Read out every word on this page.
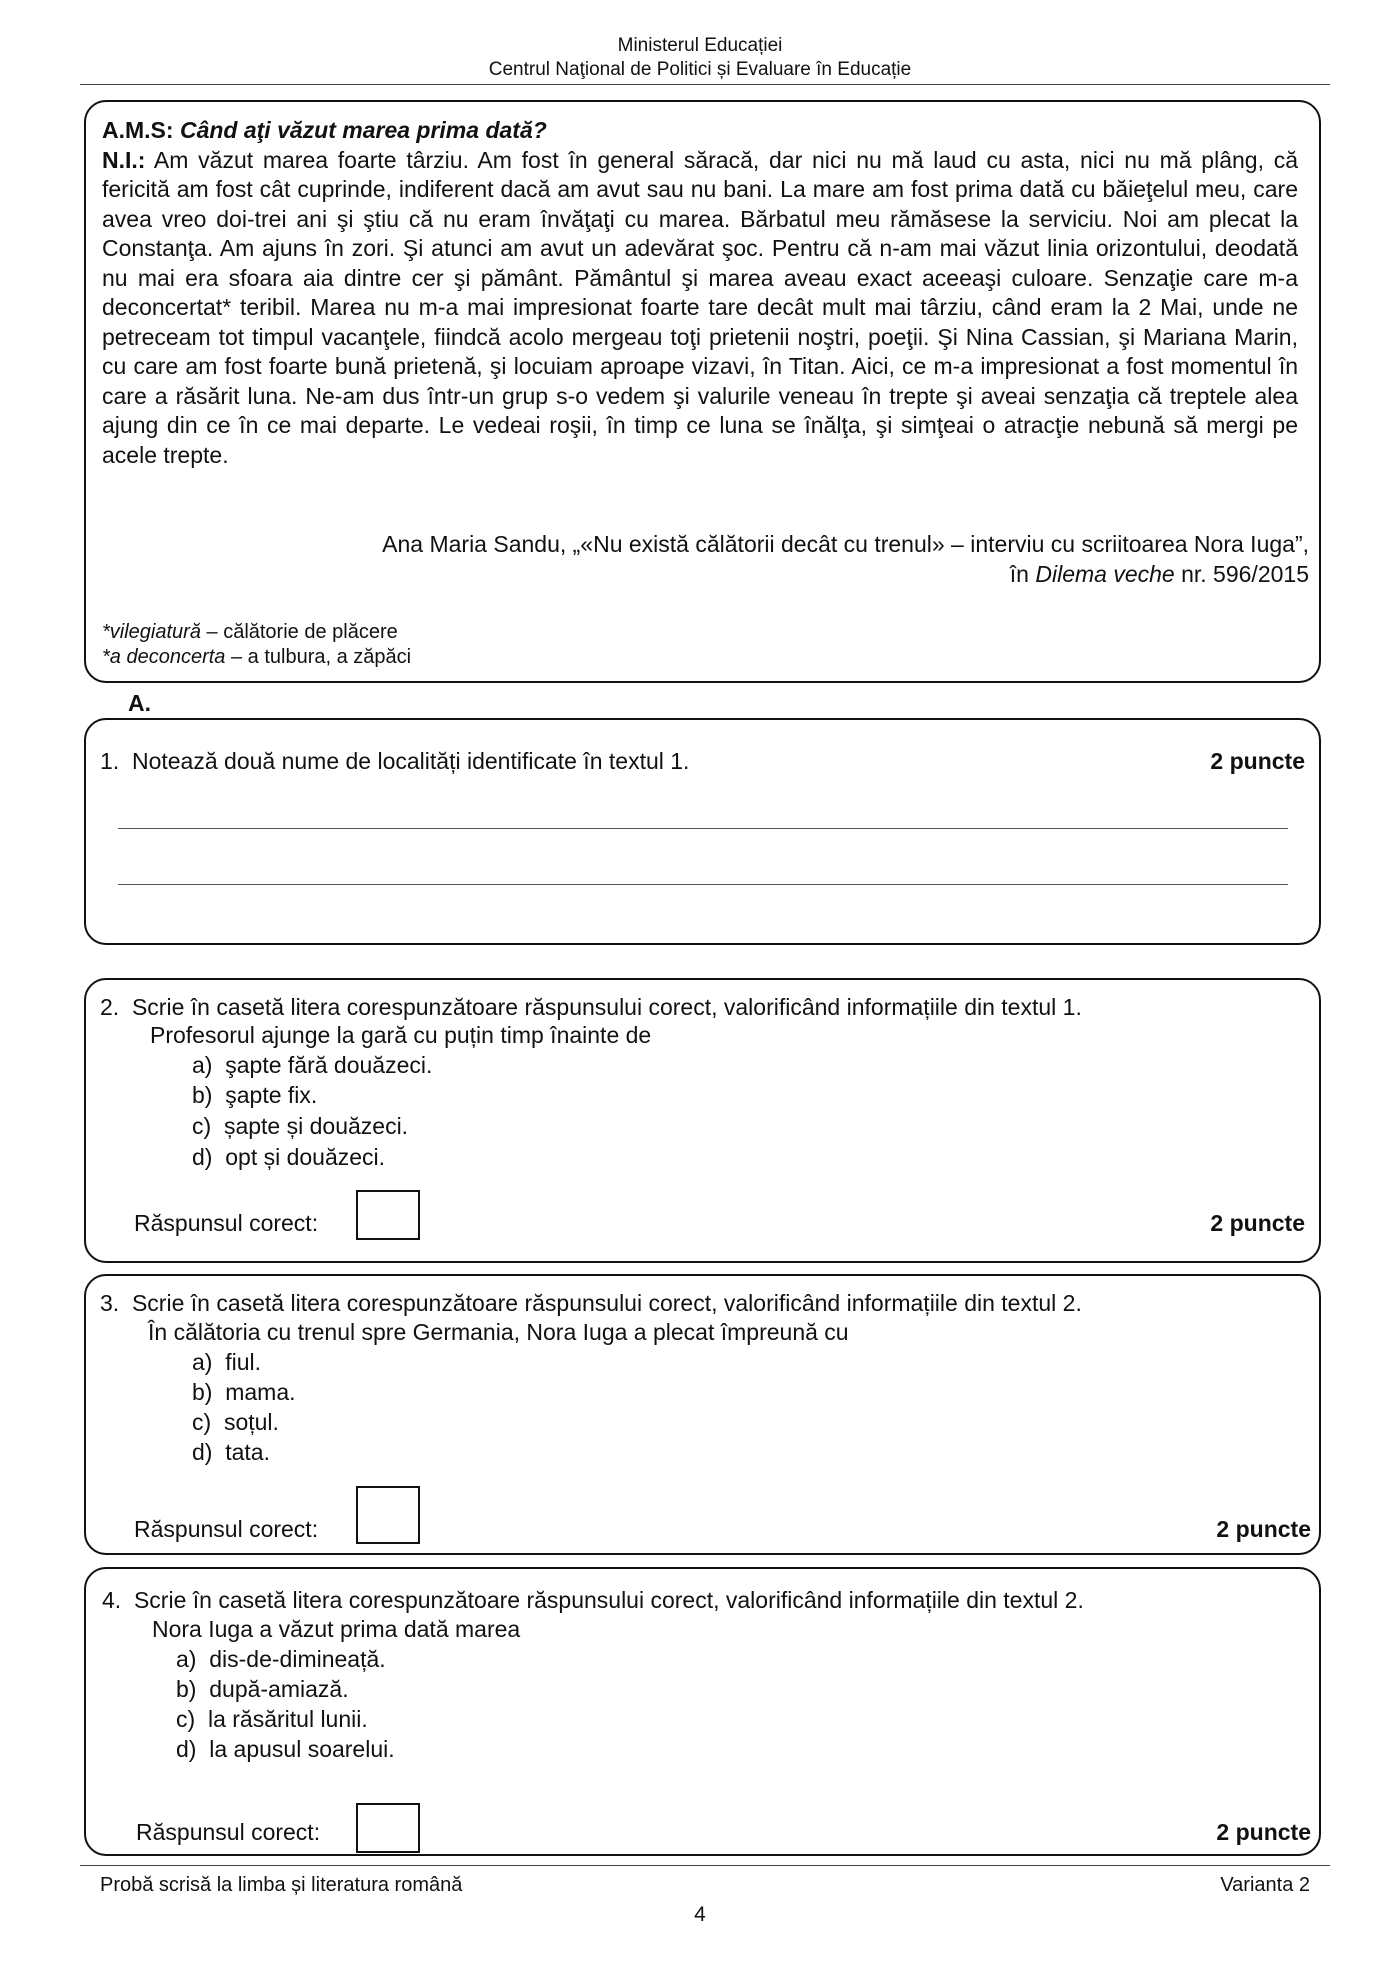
Ministerul Educației
Centrul Naţional de Politici și Evaluare în Educație
A.M.S: Când aţi văzut marea prima dată?
N.I.: Am văzut marea foarte târziu. Am fost în general săracă, dar nici nu mă laud cu asta, nici nu mă plâng, că fericită am fost cât cuprinde, indiferent dacă am avut sau nu bani. La mare am fost prima dată cu băieţelul meu, care avea vreo doi-trei ani şi ştiu că nu eram învăţaţi cu marea. Bărbatul meu rămăsese la serviciu. Noi am plecat la Constanţa. Am ajuns în zori. Şi atunci am avut un adevărat şoc. Pentru că n-am mai văzut linia orizontului, deodată nu mai era sfoara aia dintre cer şi pământ. Pământul şi marea aveau exact aceeaşi culoare. Senzaţie care m-a deconcertat* teribil. Marea nu m-a mai impresionat foarte tare decât mult mai târziu, când eram la 2 Mai, unde ne petreceam tot timpul vacanţele, fiindcă acolo mergeau toţi prietenii noştri, poeţii. Şi Nina Cassian, şi Mariana Marin, cu care am fost foarte bună prietenă, şi locuiam aproape vizavi, în Titan. Aici, ce m-a impresionat a fost momentul în care a răsărit luna. Ne-am dus într-un grup s-o vedem şi valurile veneau în trepte şi aveai senzaţia că treptele alea ajung din ce în ce mai departe. Le vedeai roşii, în timp ce luna se înălţa, şi simţeai o atracţie nebună să mergi pe acele trepte.
Ana Maria Sandu, „«Nu există călătorii decât cu trenul» – interviu cu scriitoarea Nora Iuga”,
în Dilema veche nr. 596/2015
*vilegiatură – călătorie de plăcere
*a deconcerta – a tulbura, a zăpăci
A.
1. Notează două nume de localități identificate în textul 1.	2 puncte
2. Scrie în casetă litera corespunzătoare răspunsului corect, valorificând informațiile din textul 1.
Profesorul ajunge la gară cu puțin timp înainte de
a) şapte fără douăzeci.
b) şapte fix.
c) șapte și douăzeci.
d) opt și douăzeci.
Răspunsul corect:	2 puncte
3. Scrie în casetă litera corespunzătoare răspunsului corect, valorificând informațiile din textul 2.
În călătoria cu trenul spre Germania, Nora Iuga a plecat împreună cu
a) fiul.
b) mama.
c) soțul.
d) tata.
Răspunsul corect:	2 puncte
4. Scrie în casetă litera corespunzătoare răspunsului corect, valorificând informațiile din textul 2.
Nora Iuga a văzut prima dată marea
a) dis-de-dimineață.
b) după-amiază.
c) la răsăritul lunii.
d) la apusul soarelui.
Răspunsul corect:	2 puncte
Probă scrisă la limba și literatura română	Varianta 2
4
